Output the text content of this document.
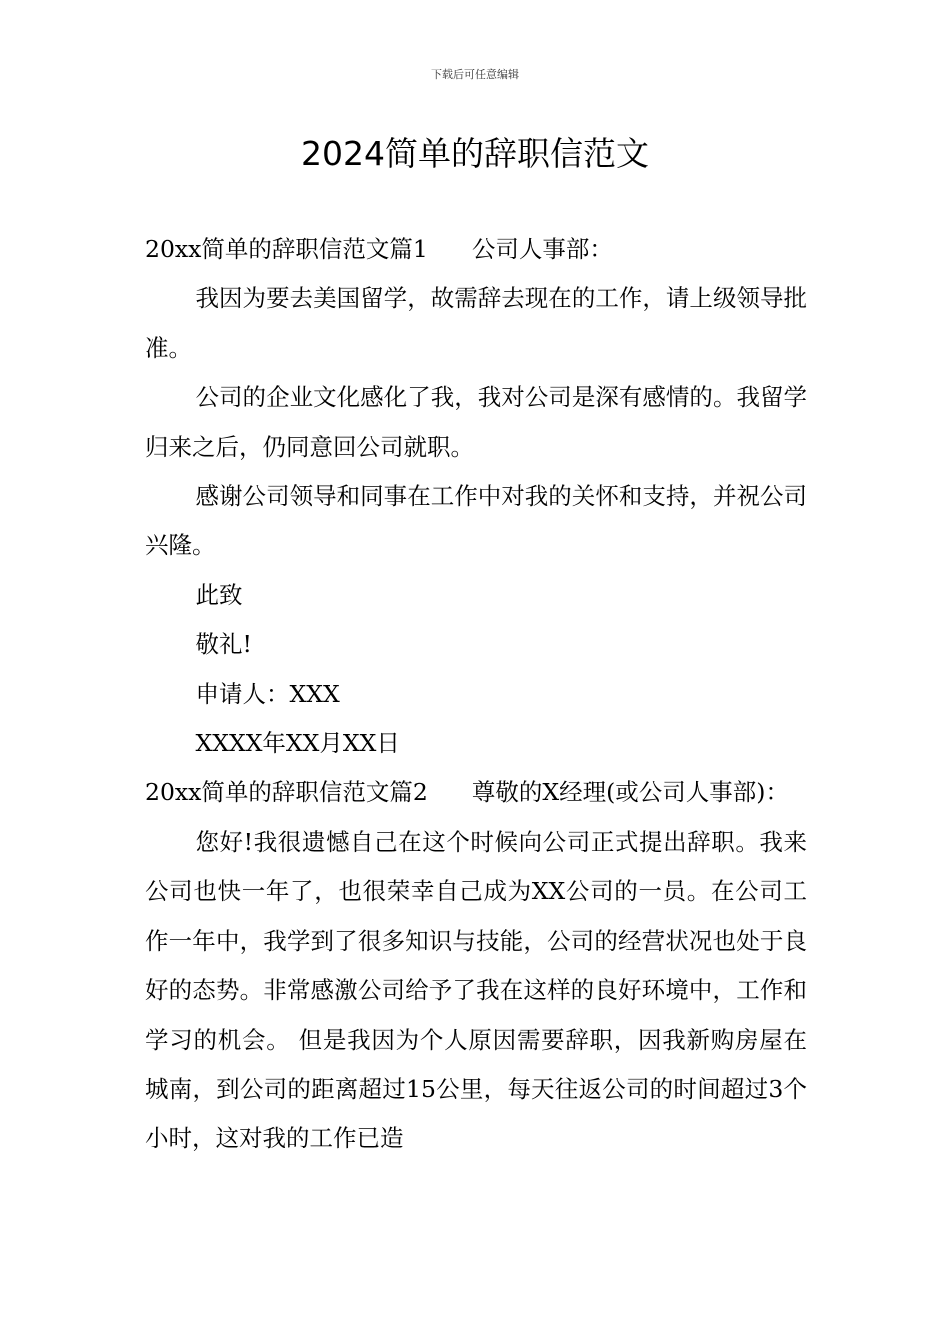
下载后可任意编辑
2024简单的辞职信范文

20xx简单的辞职信范文篇1 公司人事部：

我因为要去美国留学，故需辞去现在的工作，请上级领导批准。

公司的企业文化感化了我，我对公司是深有感情的。我留学归来之后，仍同意回公司就职。

感谢公司领导和同事在工作中对我的关怀和支持，并祝公司兴隆。

此致

敬礼!

申请人：XXX

XXXX年XX月XX日

20xx简单的辞职信范文篇2 尊敬的X经理(或公司人事部)：

您好!我很遗憾自己在这个时候向公司正式提出辞职。我来公司也快一年了，也很荣幸自己成为XX公司的一员。在公司工作一年中，我学到了很多知识与技能，公司的经营状况也处于良好的态势。非常感激公司给予了我在这样的良好环境中，工作和学习的机会。 但是我因为个人原因需要辞职，因我新购房屋在城南，到公司的距离超过15公里，每天往返公司的时间超过3个小时，这对我的工作已造
